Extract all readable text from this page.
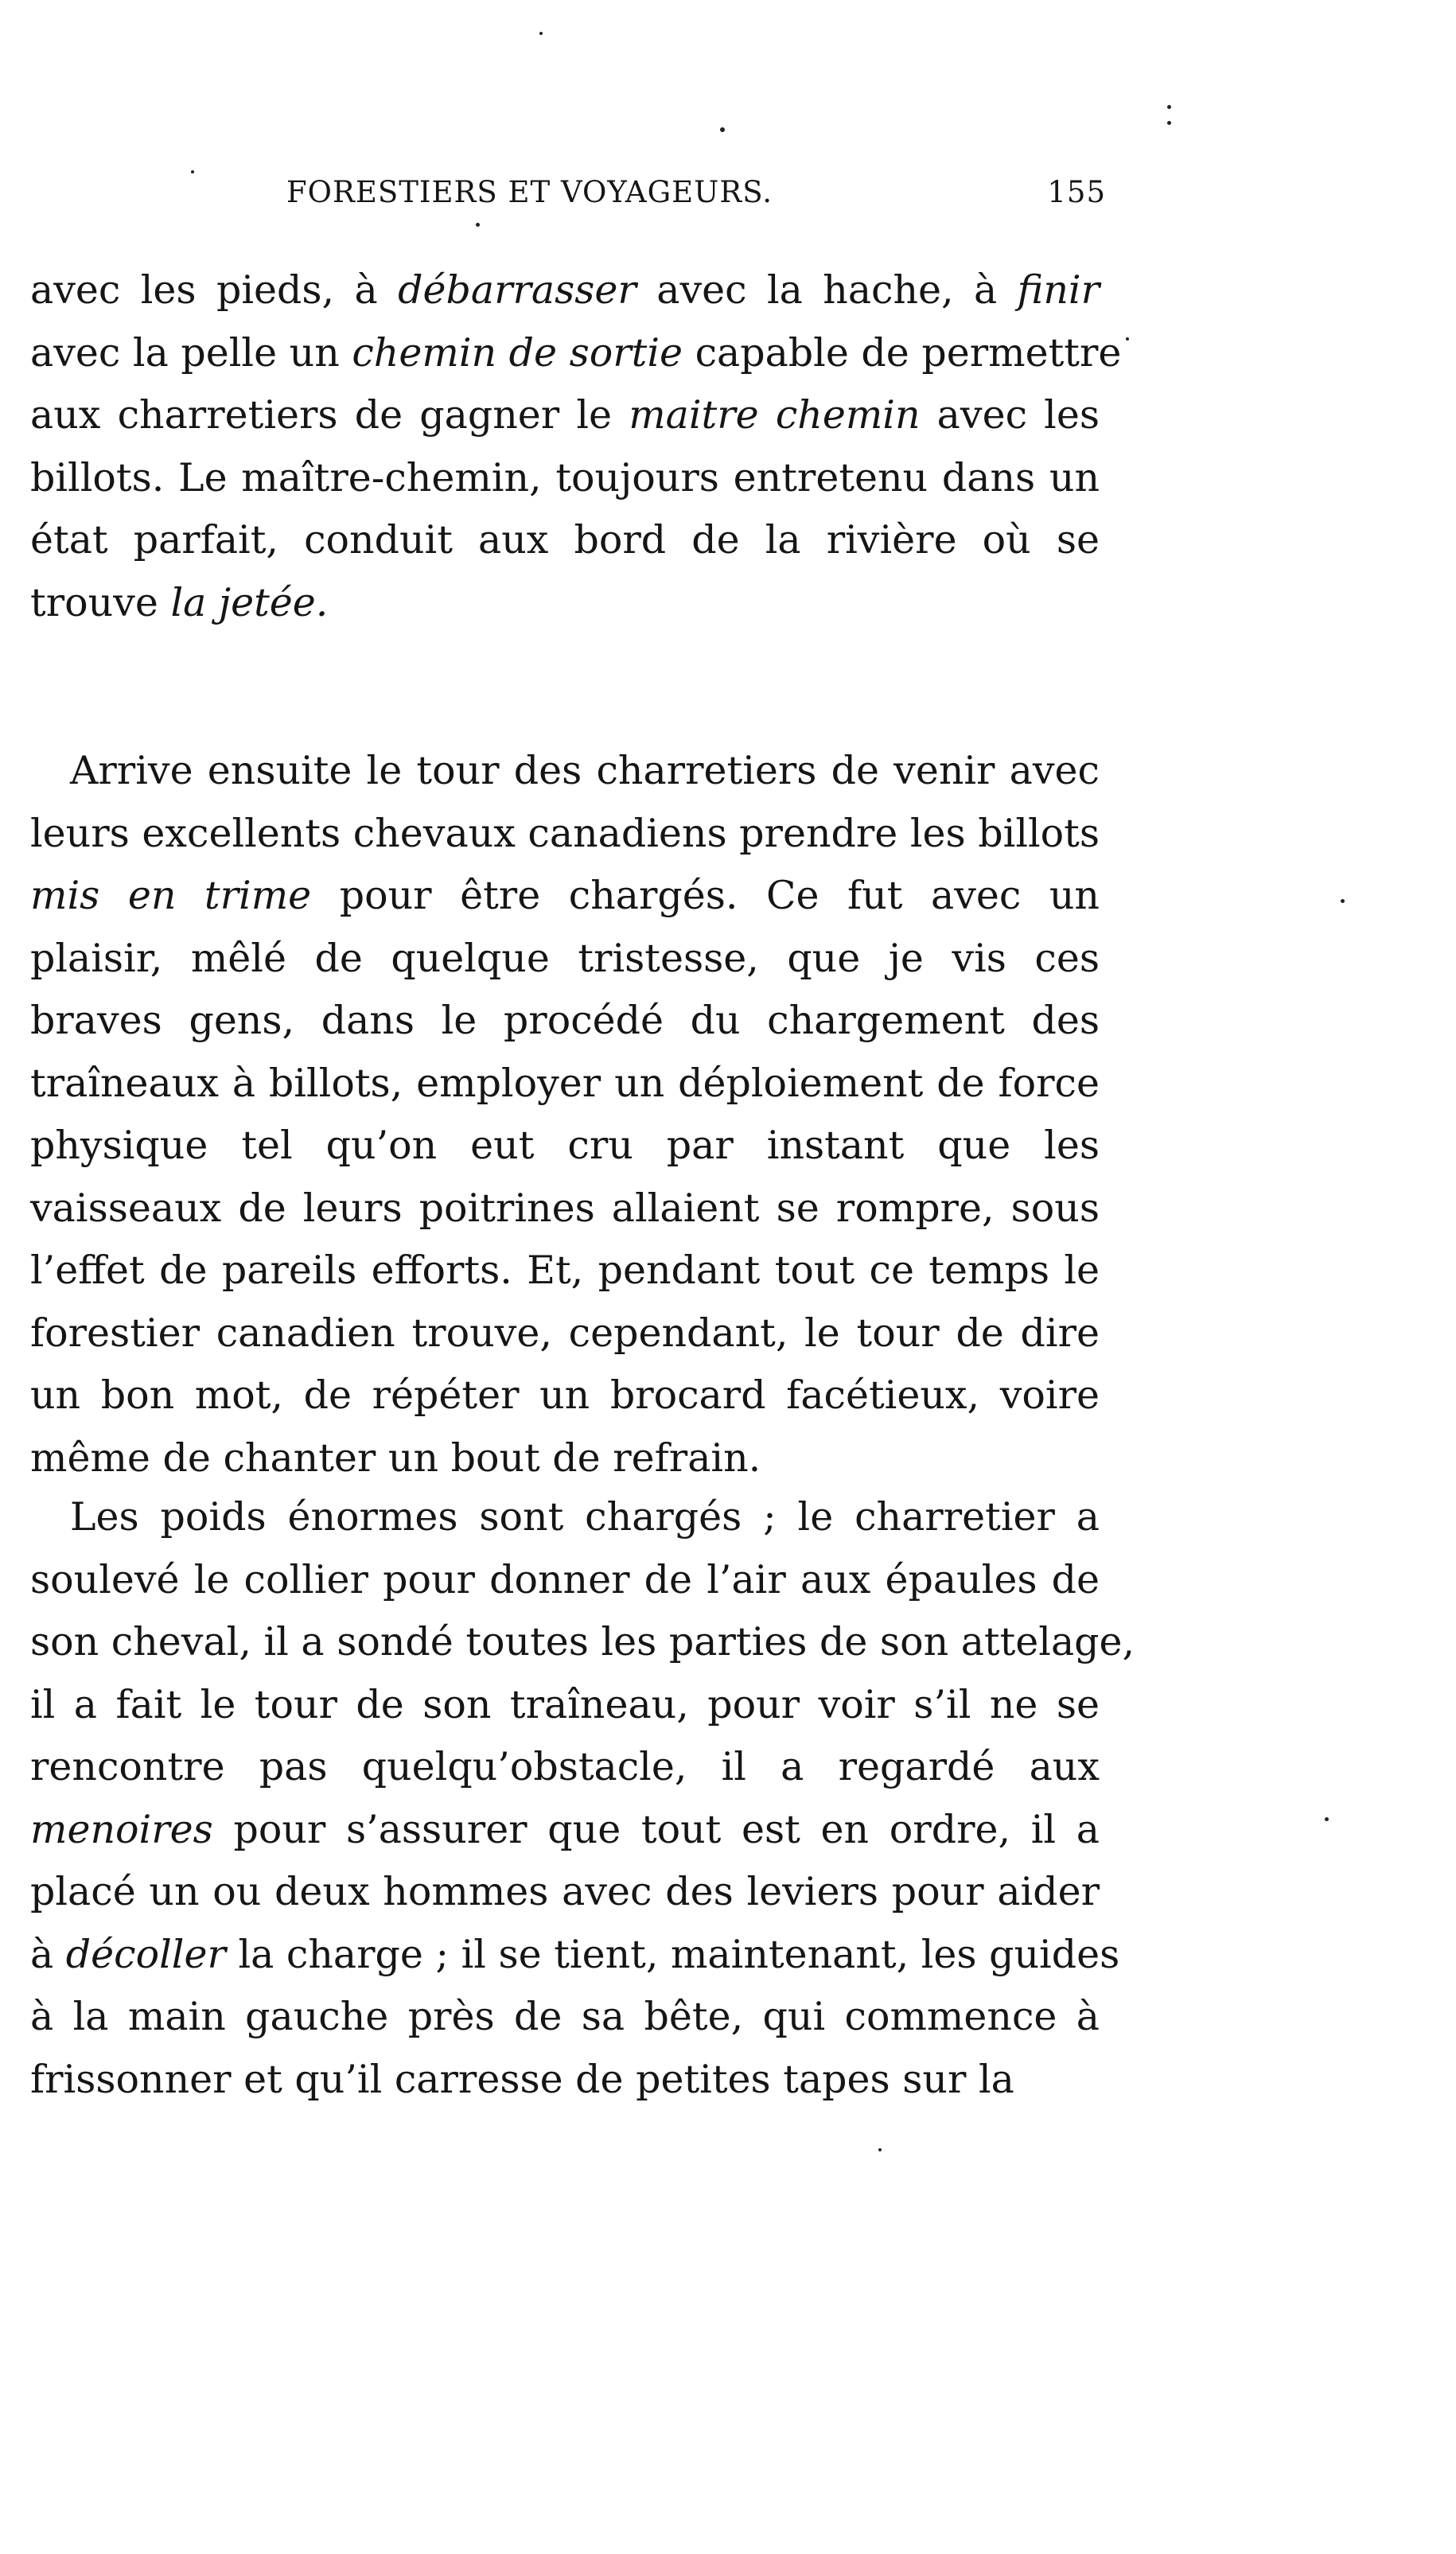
FORESTIERS ET VOYAGEURS.	155
avec les pieds, à débarrasser avec la hache, à finir
avec la pelle un chemin de sortie capable de permettre
aux charretiers de gagner le maitre chemin avec les
billots. Le maître-chemin, toujours entretenu dans un
état parfait, conduit aux bord de la rivière où se
trouve la jetée.
Arrive ensuite le tour des charretiers de venir avec
leurs excellents chevaux canadiens prendre les billots
mis en trime pour être chargés. Ce fut avec un
plaisir, mêlé de quelque tristesse, que je vis ces
braves gens, dans le procédé du chargement des
traîneaux à billots, employer un déploiement de force
physique tel qu’on eut cru par instant que les
vaisseaux de leurs poitrines allaient se rompre, sous
l’effet de pareils efforts. Et, pendant tout ce temps le
forestier canadien trouve, cependant, le tour de dire
un bon mot, de répéter un brocard facétieux, voire
même de chanter un bout de refrain.
Les poids énormes sont chargés ; le charretier a
soulevé le collier pour donner de l’air aux épaules de
son cheval, il a sondé toutes les parties de son attelage,
il a fait le tour de son traîneau, pour voir s’il ne se
rencontre pas quelqu’obstacle, il a regardé aux
menoires pour s’assurer que tout est en ordre, il a
placé un ou deux hommes avec des leviers pour aider
à décoller la charge ; il se tient, maintenant, les guides
à la main gauche près de sa bête, qui commence à
frissonner et qu’il carresse de petites tapes sur la
